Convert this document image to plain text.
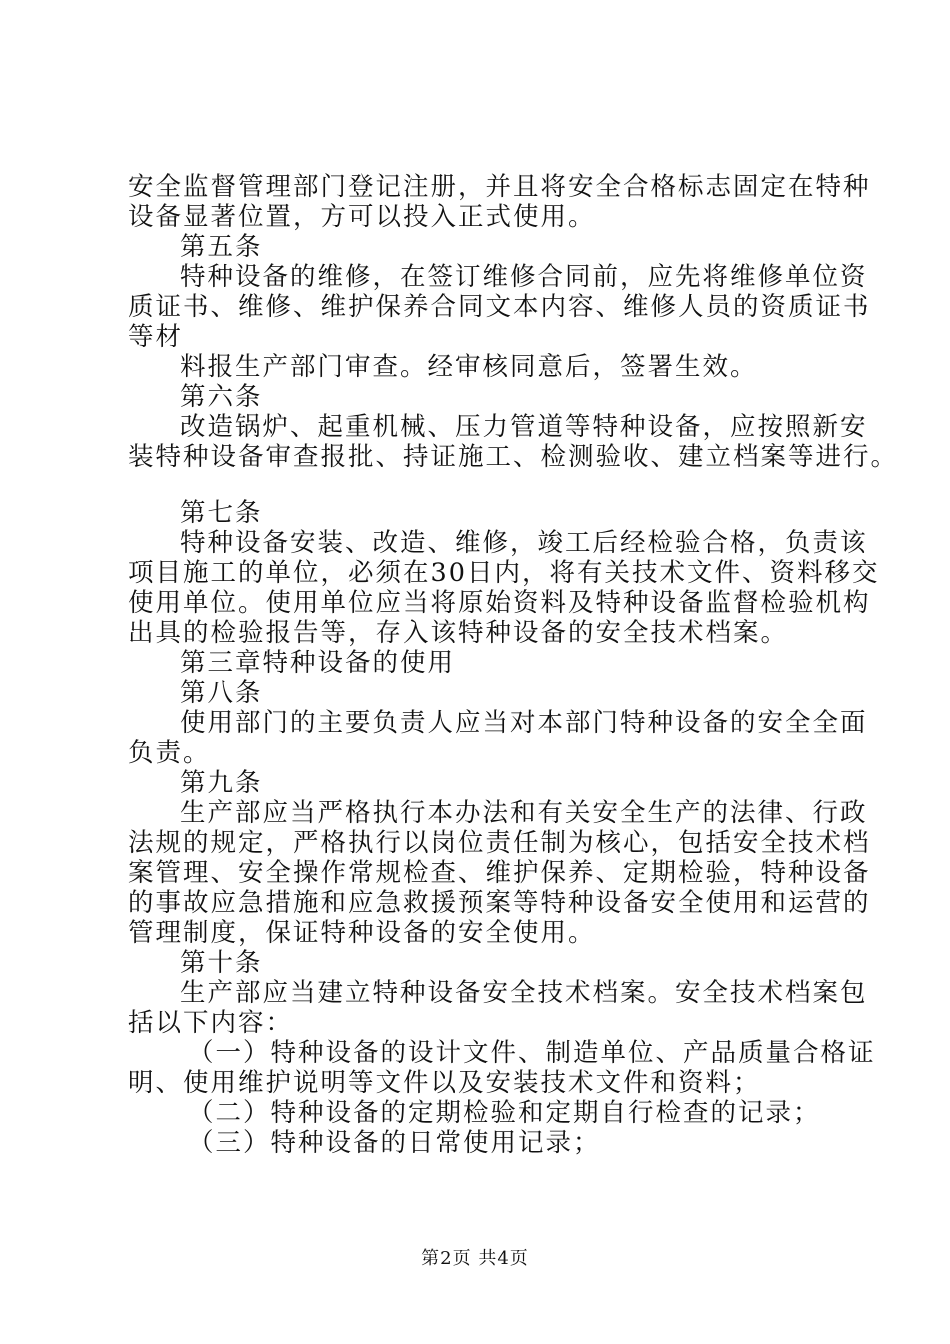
安全监督管理部门登记注册，并且将安全合格标志固定在特种

设备显著位置，方可以投入正式使用。

第五条

特种设备的维修，在签订维修合同前，应先将维修单位资

质证书、维修、维护保养合同文本内容、维修人员的资质证书

等材

料报生产部门审查。经审核同意后，签署生效。

第六条

改造锅炉、起重机械、压力管道等特种设备，应按照新安

装特种设备审查报批、持证施工、检测验收、建立档案等进行。

第七条

特种设备安装、改造、维修，竣工后经检验合格，负责该

项目施工的单位，必须在30日内，将有关技术文件、资料移交

使用单位。使用单位应当将原始资料及特种设备监督检验机构

出具的检验报告等，存入该特种设备的安全技术档案。

第三章特种设备的使用

第八条

使用部门的主要负责人应当对本部门特种设备的安全全面

负责。

第九条

生产部应当严格执行本办法和有关安全生产的法律、行政

法规的规定，严格执行以岗位责任制为核心，包括安全技术档

案管理、安全操作常规检查、维护保养、定期检验，特种设备

的事故应急措施和应急救援预案等特种设备安全使用和运营的

管理制度，保证特种设备的安全使用。

第十条

生产部应当建立特种设备安全技术档案。安全技术档案包

括以下内容：

（一）特种设备的设计文件、制造单位、产品质量合格证

明、使用维护说明等文件以及安装技术文件和资料；

（二）特种设备的定期检验和定期自行检查的记录；

（三）特种设备的日常使用记录；

第2页 共4页
